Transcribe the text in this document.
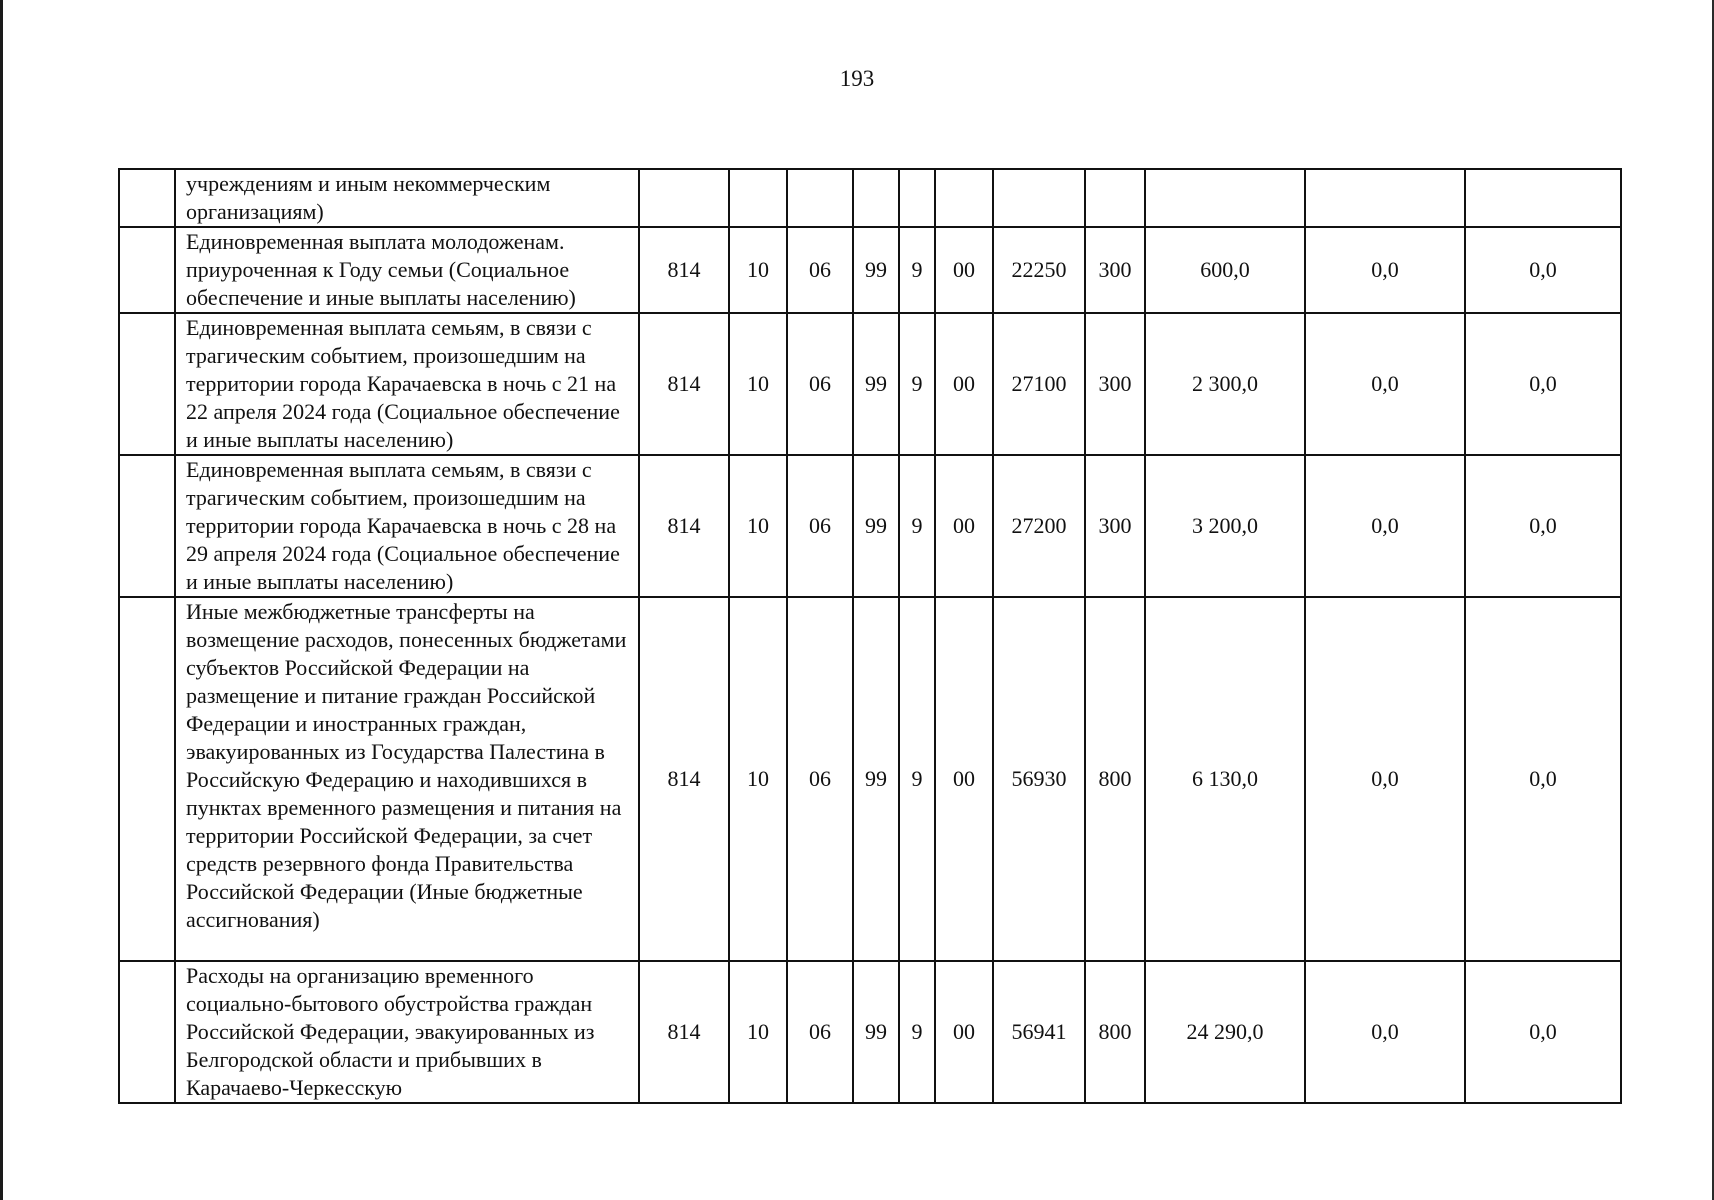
193
	учреждениям и иным некоммерческим организациям)											
	Единовременная выплата молодоженам. приуроченная к Году семьи (Социальное обеспечение и иные выплаты населению)	814	10	06	99	9	00	22250	300	600,0	0,0	0,0
	Единовременная выплата семьям, в связи с трагическим событием, произошедшим на территории города Карачаевска в ночь с 21 на 22 апреля 2024 года (Социальное обеспечение и иные выплаты населению)	814	10	06	99	9	00	27100	300	2 300,0	0,0	0,0
	Единовременная выплата семьям, в связи с трагическим событием, произошедшим на территории города Карачаевска в ночь с 28 на 29 апреля 2024 года (Социальное обеспечение и иные выплаты населению)	814	10	06	99	9	00	27200	300	3 200,0	0,0	0,0
	Иные межбюджетные трансферты на возмещение расходов, понесенных бюджетами субъектов Российской Федерации на размещение и питание граждан Российской Федерации и иностранных граждан, эвакуированных из Государства Палестина в Российскую Федерацию и находившихся в пунктах временного размещения и питания на территории Российской Федерации, за счет средств резервного фонда Правительства Российской Федерации (Иные бюджетные ассигнования)	814	10	06	99	9	00	56930	800	6 130,0	0,0	0,0
	Расходы на организацию временного социально-бытового обустройства граждан Российской Федерации, эвакуированных из Белгородской области и прибывших в Карачаево-Черкесскую	814	10	06	99	9	00	56941	800	24 290,0	0,0	0,0
